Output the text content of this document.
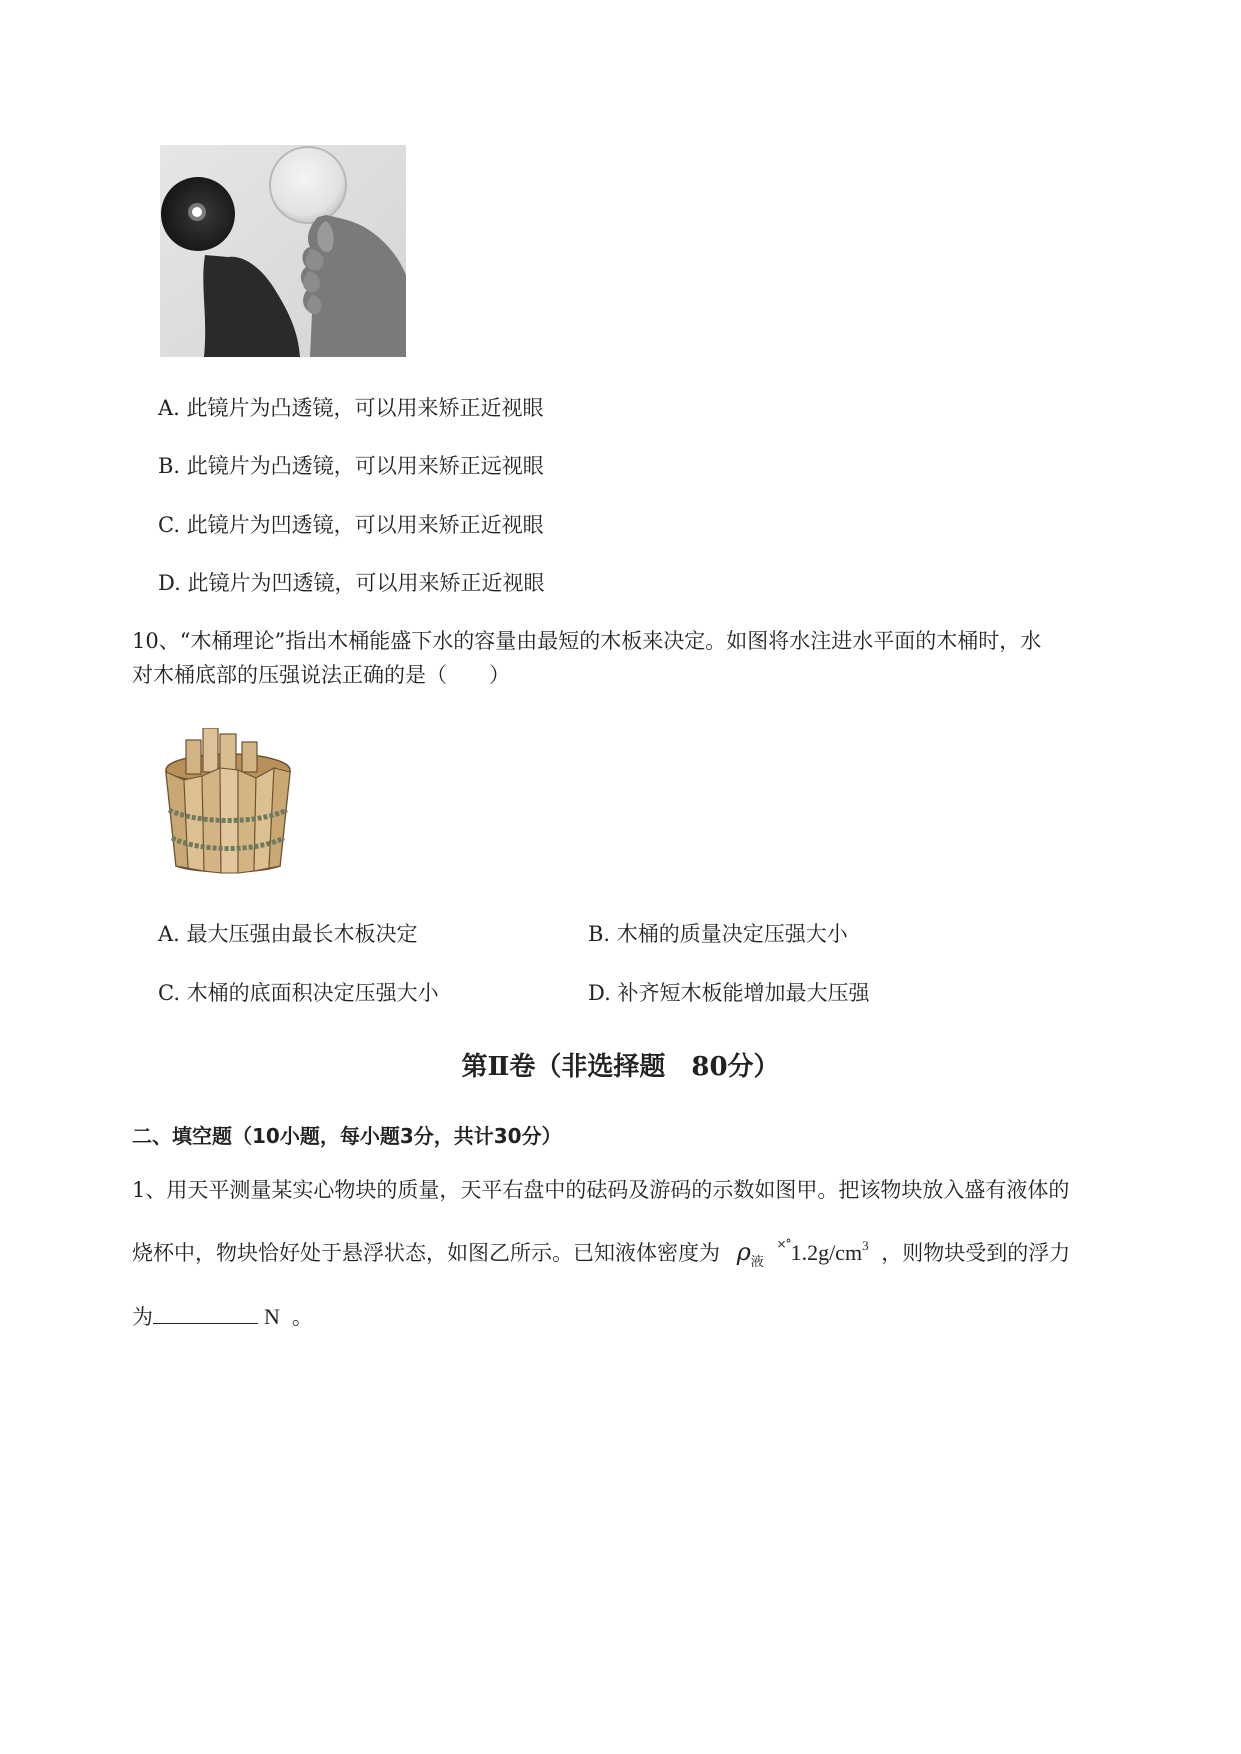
A. 此镜片为凸透镜，可以用来矫正近视眼
B. 此镜片为凸透镜，可以用来矫正远视眼
C. 此镜片为凹透镜，可以用来矫正近视眼
D. 此镜片为凹透镜，可以用来矫正近视眼
10、“木桶理论”指出木桶能盛下水的容量由最短的木板来决定。如图将水注进水平面的木桶时，水
对木桶底部的压强说法正确的是（　　）
A. 最大压强由最长木板决定	B. 木桶的质量决定压强大小
C. 木桶的底面积决定压强大小	D. 补齐短木板能增加最大压强
第Ⅱ卷（非选择题　80分）
二、填空题（10小题，每小题3分，共计30分）
1、用天平测量某实心物块的质量，天平右盘中的砝码及游码的示数如图甲。把该物块放入盛有液体的
烧杯中，物块恰好处于悬浮状态，如图乙所示。已知液体密度为 $\rho_液$ $^{\times^\circ}1.2g/cm^3$ ，则物块受到的浮力
为	N 。
